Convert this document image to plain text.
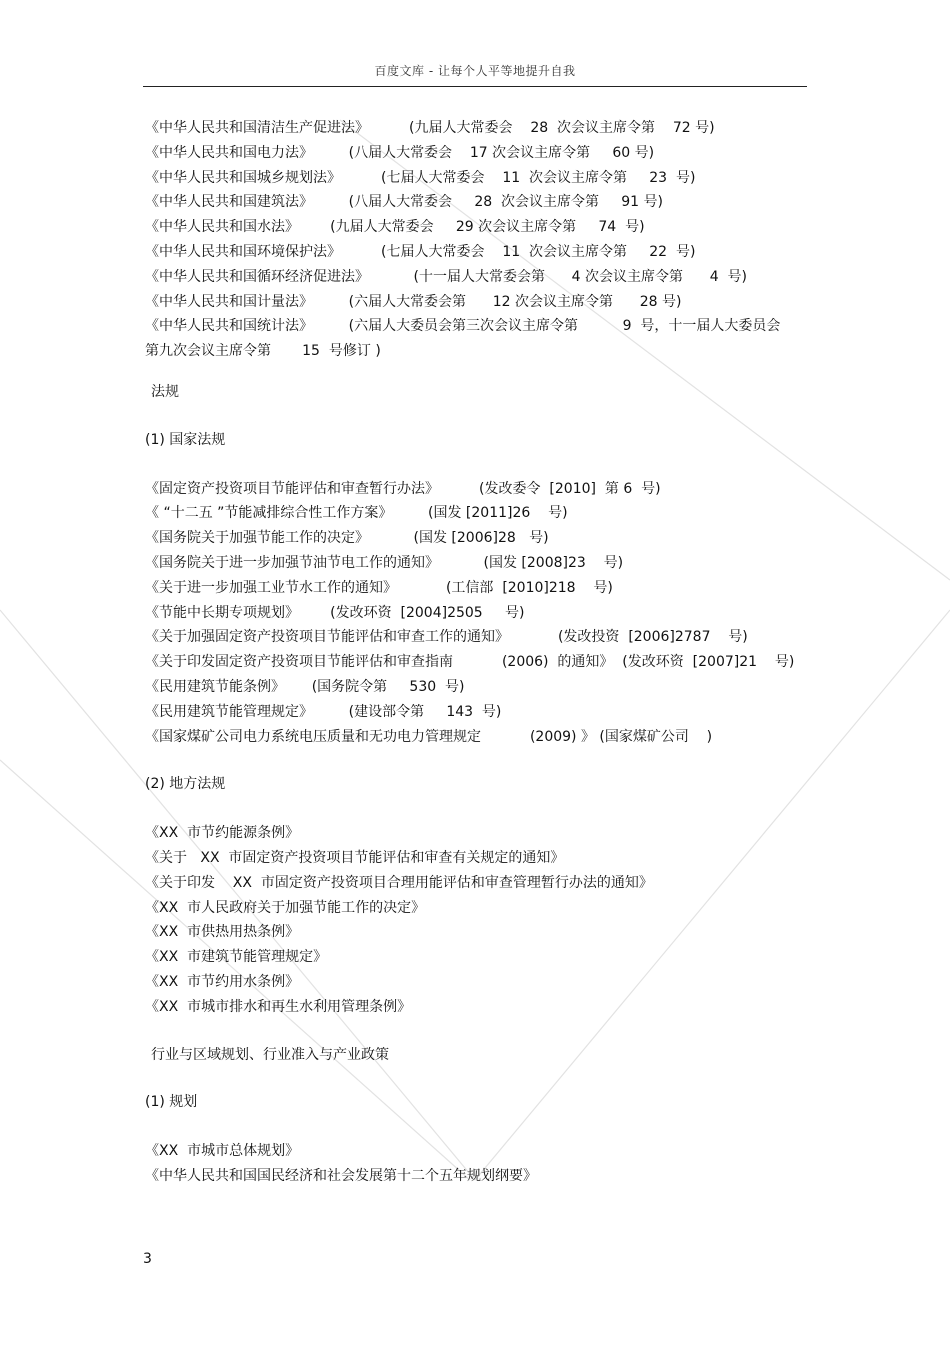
百度文库 - 让每个人平等地提升自我
《中华人民共和国清洁生产促进法》         (九届人大常委会    28  次会议主席令第    72 号)
《中华人民共和国电力法》        (八届人大常委会    17 次会议主席令第     60 号)
《中华人民共和国城乡规划法》         (七届人大常委会    11  次会议主席令第     23  号)
《中华人民共和国建筑法》        (八届人大常委会     28  次会议主席令第     91 号)
《中华人民共和国水法》       (九届人大常委会     29 次会议主席令第     74  号)
《中华人民共和国环境保护法》         (七届人大常委会    11  次会议主席令第     22  号)
《中华人民共和国循环经济促进法》          (十一届人大常委会第      4 次会议主席令第      4  号)
《中华人民共和国计量法》        (六届人大常委会第      12 次会议主席令第      28 号)
《中华人民共和国统计法》        (六届人大委员会第三次会议主席令第          9  号，十一届人大委员会
第九次会议主席令第       15  号修订 )
法规
(1) 国家法规
《固定资产投资项目节能评估和审查暂行办法》         (发改委令  [2010]  第 6  号)
《 “十二五 ”节能减排综合性工作方案》        (国发 [2011]26    号)
《国务院关于加强节能工作的决定》          (国发 [2006]28   号)
《国务院关于进一步加强节油节电工作的通知》          (国发 [2008]23    号)
《关于进一步加强工业节水工作的通知》           (工信部  [2010]218    号)
《节能中长期专项规划》       (发改环资  [2004]2505     号)
《关于加强固定资产投资项目节能评估和审查工作的通知》           (发改投资  [2006]2787    号)
《关于印发固定资产投资项目节能评估和审查指南           (2006)  的通知》  (发改环资  [2007]21    号)
《民用建筑节能条例》      (国务院令第     530  号)
《民用建筑节能管理规定》        (建设部令第     143  号)
《国家煤矿公司电力系统电压质量和无功电力管理规定           (2009) 》 (国家煤矿公司    )
(2) 地方法规
《XX  市节约能源条例》
《关于   XX  市固定资产投资项目节能评估和审查有关规定的通知》
《关于印发    XX  市固定资产投资项目合理用能评估和审查管理暂行办法的通知》
《XX  市人民政府关于加强节能工作的决定》
《XX  市供热用热条例》
《XX  市建筑节能管理规定》
《XX  市节约用水条例》
《XX  市城市排水和再生水利用管理条例》
行业与区域规划、行业准入与产业政策
(1) 规划
《XX  市城市总体规划》
《中华人民共和国国民经济和社会发展第十二个五年规划纲要》
3
